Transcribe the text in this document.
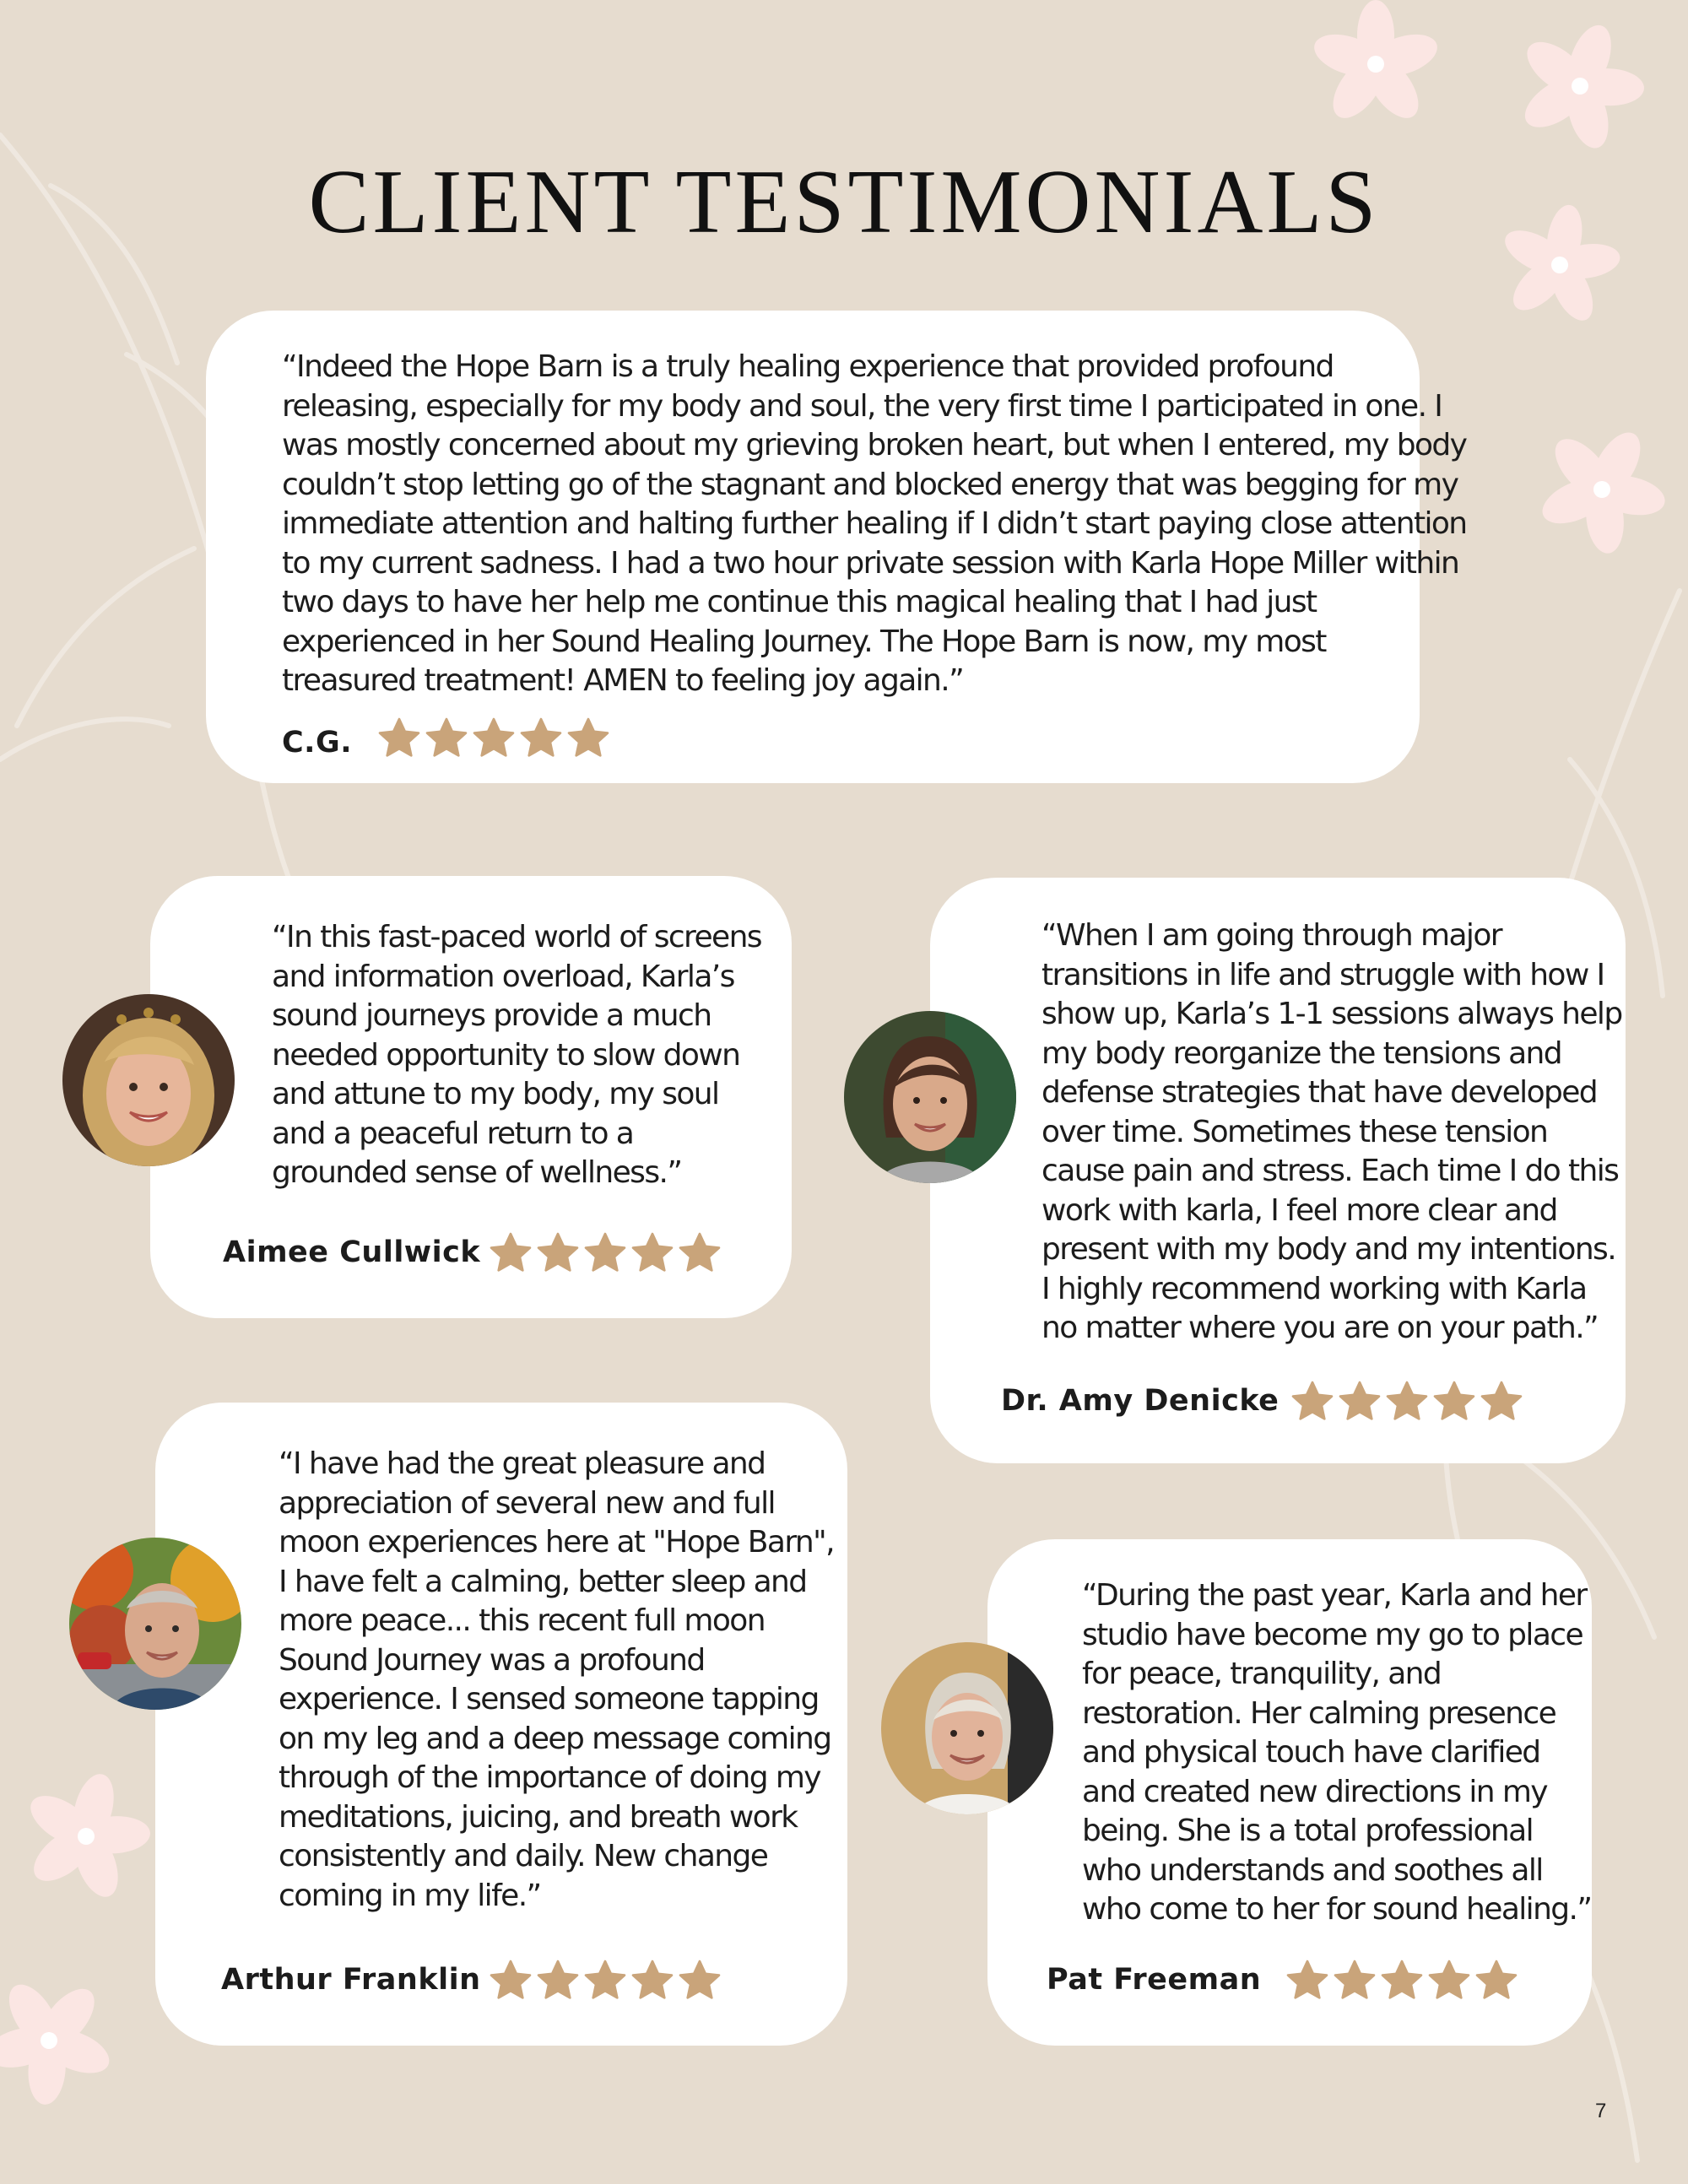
CLIENT TESTIMONIALS
“Indeed the Hope Barn is a truly healing experience that provided profound
releasing, especially for my body and soul, the very first time I participated in one. I
was mostly concerned about my grieving broken heart, but when I entered, my body
couldn’t stop letting go of the stagnant and blocked energy that was begging for my
immediate attention and halting further healing if I didn’t start paying close attention
to my current sadness. I had a two hour private session with Karla Hope Miller within
two days to have her help me continue this magical healing that I had just
experienced in her Sound Healing Journey. The Hope Barn is now, my most
treasured treatment! AMEN to feeling joy again.”
C.G.
“In this fast-paced world of screens
and information overload, Karla’s
sound journeys provide a much
needed opportunity to slow down
and attune to my body, my soul
and a peaceful return to a
grounded sense of wellness.”
Aimee Cullwick
“When I am going through major
transitions in life and struggle with how I
show up, Karla’s 1-1 sessions always help
my body reorganize the tensions and
defense strategies that have developed
over time. Sometimes these tension
cause pain and stress. Each time I do this
work with karla, I feel more clear and
present with my body and my intentions.
I highly recommend working with Karla
no matter where you are on your path.”
Dr. Amy Denicke
“I have had the great pleasure and
appreciation of several new and full
moon experiences here at "Hope Barn",
I have felt a calming, better sleep and
more peace... this recent full moon
Sound Journey was a profound
experience. I sensed someone tapping
on my leg and a deep message coming
through of the importance of doing my
meditations, juicing, and breath work
consistently and daily. New change
coming in my life.”
Arthur Franklin
“During the past year, Karla and her
studio have become my go to place
for peace, tranquility, and
restoration. Her calming presence
and physical touch have clarified
and created new directions in my
being. She is a total professional
who understands and soothes all
who come to her for sound healing.”
Pat Freeman
7
